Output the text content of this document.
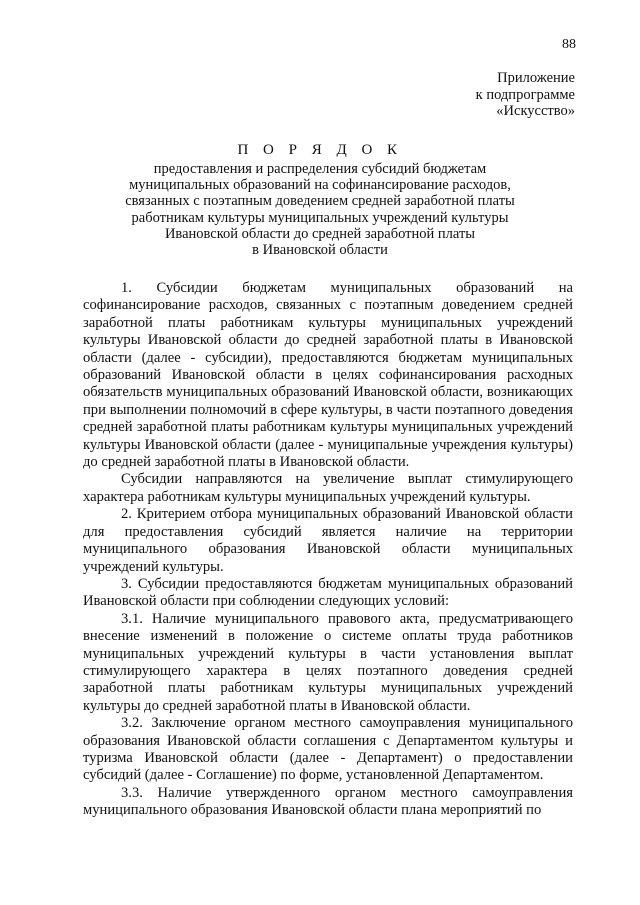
88
Приложение
к подпрограмме
«Искусство»
П О Р Я Д О К
предоставления и распределения субсидий бюджетам
муниципальных образований на софинансирование расходов,
связанных с поэтапным доведением средней заработной платы
работникам культуры муниципальных учреждений культуры
Ивановской области до средней заработной платы
в Ивановской области

1. Субсидии бюджетам муниципальных образований на софинансирование расходов, связанных с поэтапным доведением средней заработной платы работникам культуры муниципальных учреждений культуры Ивановской области до средней заработной платы в Ивановской области (далее - субсидии), предоставляются бюджетам муниципальных образований Ивановской области в целях софинансирования расходных обязательств муниципальных образований Ивановской области, возникающих при выполнении полномочий в сфере культуры, в части поэтапного доведения средней заработной платы работникам культуры муниципальных учреждений культуры Ивановской области (далее - муниципальные учреждения культуры) до средней заработной платы в Ивановской области.

Субсидии направляются на увеличение выплат стимулирующего характера работникам культуры муниципальных учреждений культуры.

2. Критерием отбора муниципальных образований Ивановской области для предоставления субсидий является наличие на территории муниципального образования Ивановской области муниципальных учреждений культуры.

3. Субсидии предоставляются бюджетам муниципальных образований Ивановской области при соблюдении следующих условий:

3.1. Наличие муниципального правового акта, предусматривающего внесение изменений в положение о системе оплаты труда работников муниципальных учреждений культуры в части установления выплат стимулирующего характера в целях поэтапного доведения средней заработной платы работникам культуры муниципальных учреждений культуры до средней заработной платы в Ивановской области.

3.2. Заключение органом местного самоуправления муниципального образования Ивановской области соглашения с Департаментом культуры и туризма Ивановской области (далее - Департамент) о предоставлении субсидий (далее - Соглашение) по форме, установленной Департаментом.

3.3. Наличие утвержденного органом местного самоуправления муниципального образования Ивановской области плана мероприятий по
